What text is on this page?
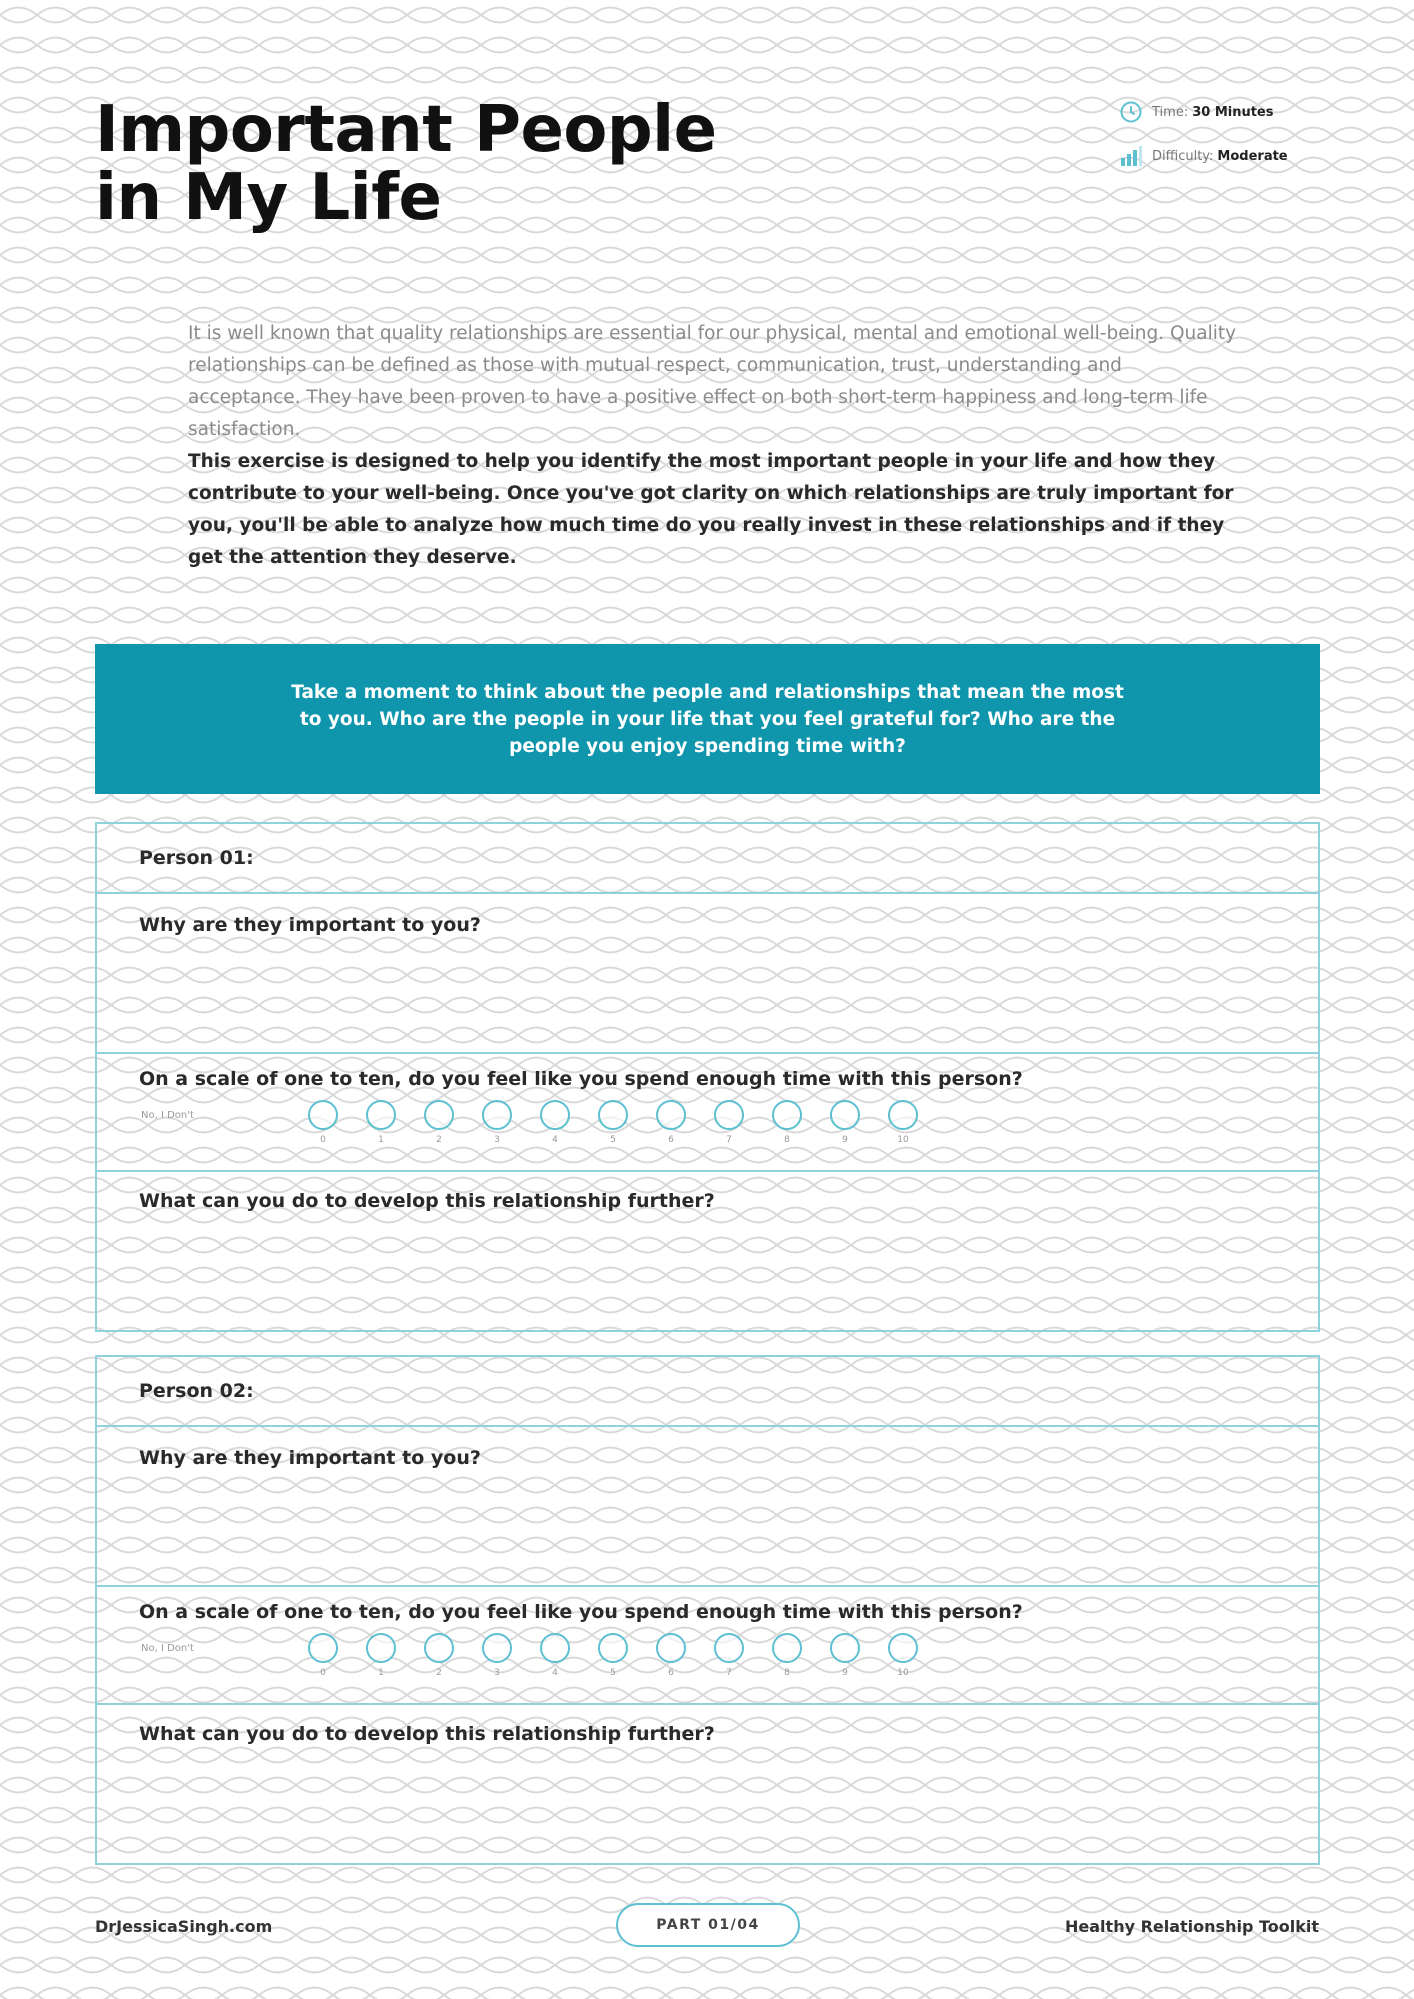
Important People
in My Life
Time: 30 Minutes
Difficulty: Moderate

It is well known that quality relationships are essential for our physical, mental and emotional well-being. Quality relationships can be defined as those with mutual respect, communication, trust, understanding and acceptance. They have been proven to have a positive effect on both short-term happiness and long-term life satisfaction.

This exercise is designed to help you identify the most important people in your life and how they contribute to your well-being. Once you've got clarity on which relationships are truly important for you, you'll be able to analyze how much time do you really invest in these relationships and if they get the attention they deserve.

Take a moment to think about the people and relationships that mean the most to you. Who are the people in your life that you feel grateful for? Who are the people you enjoy spending time with?
Person 01:
Why are they important to you?
On a scale of one to ten, do you feel like you spend enough time with this person?
No, I Don't
0	1	2	3	4	5	6	7	8	9	10
What can you do to develop this relationship further?
Person 02:
Why are they important to you?
On a scale of one to ten, do you feel like you spend enough time with this person?
No, I Don't
0	1	2	3	4	5	6	7	8	9	10
What can you do to develop this relationship further?
DrJessicaSingh.com	PART 01/04	Healthy Relationship Toolkit
